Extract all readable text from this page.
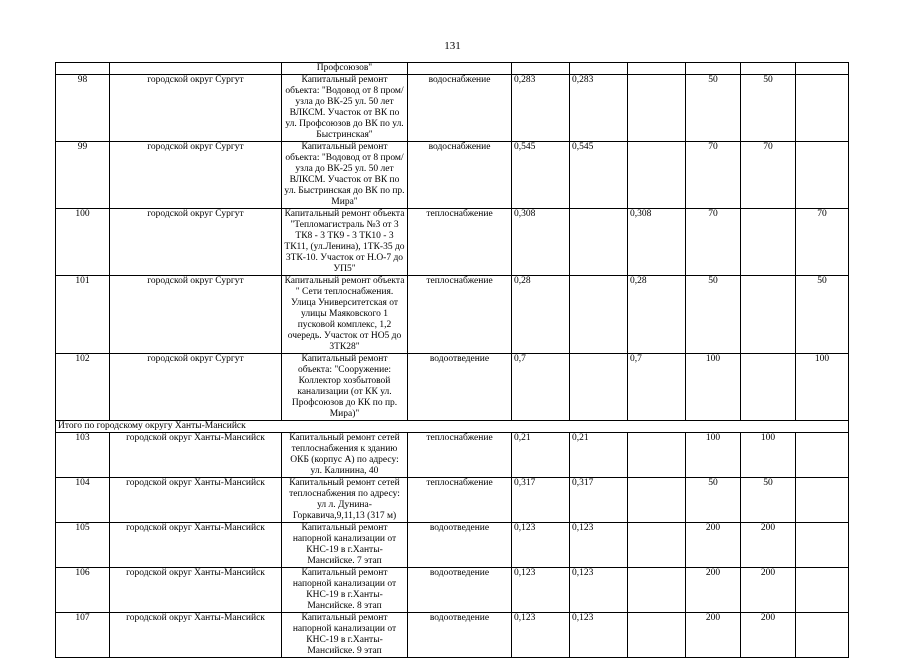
131
		Профсоюзов"							
98	городской округ Сургут	Капитальный ремонт объекта: "Водовод от 8 пром/узла до ВК-25 ул. 50 лет ВЛКСМ. Участок от ВК по ул. Профсоюзов до ВК по ул. Быстринская"	водоснабжение	0,283	0,283		50	50	
99	городской округ Сургут	Капитальный ремонт объекта: "Водовод от 8 пром/узла до ВК-25 ул. 50 лет ВЛКСМ. Участок от ВК по ул. Быстринская до ВК по пр. Мира"	водоснабжение	0,545	0,545		70	70	
100	городской округ Сургут	Капитальный ремонт объекта "Тепломагистраль №3 от 3 ТК8 - 3 ТК9 - 3 ТК10 - 3 ТК11, (ул.Ленина), 1ТК-35 до 3ТК-10. Участок от Н.О-7 до УП5"	теплоснабжение	0,308		0,308	70		70
101	городской округ Сургут	Капитальный ремонт объекта " Сети теплоснабжения. Улица Университетская от улицы Маяковского 1 пусковой комплекс, 1,2 очередь. Участок от НО5 до 3ТК28"	теплоснабжение	0,28		0,28	50		50
102	городской округ Сургут	Капитальный ремонт объекта: "Сооружение: Коллектор хозбытовой канализации (от КК ул. Профсоюзов до КК по пр. Мира)"	водоотведение	0,7		0,7	100		100
Итого по городскому округу Ханты-Мансийск									
103	городской округ Ханты-Мансийск	Капитальный ремонт сетей теплоснабжения к зданию ОКБ (корпус А) по адресу: ул. Калинина, 40	теплоснабжение	0,21	0,21		100	100	
104	городской округ Ханты-Мансийск	Капитальный ремонт сетей теплоснабжения по адресу: ул л. Дунина-Горкавича,9,11,13 (317 м)	теплоснабжение	0,317	0,317		50	50	
105	городской округ Ханты-Мансийск	Капитальный ремонт напорной канализации от КНС-19 в г.Ханты-Мансийске. 7 этап	водоотведение	0,123	0,123		200	200	
106	городской округ Ханты-Мансийск	Капитальный ремонт напорной канализации от КНС-19 в г.Ханты-Мансийске. 8 этап	водоотведение	0,123	0,123		200	200	
107	городской округ Ханты-Мансийск	Капитальный ремонт напорной канализации от КНС-19 в г.Ханты-Мансийске. 9 этап	водоотведение	0,123	0,123		200	200	
